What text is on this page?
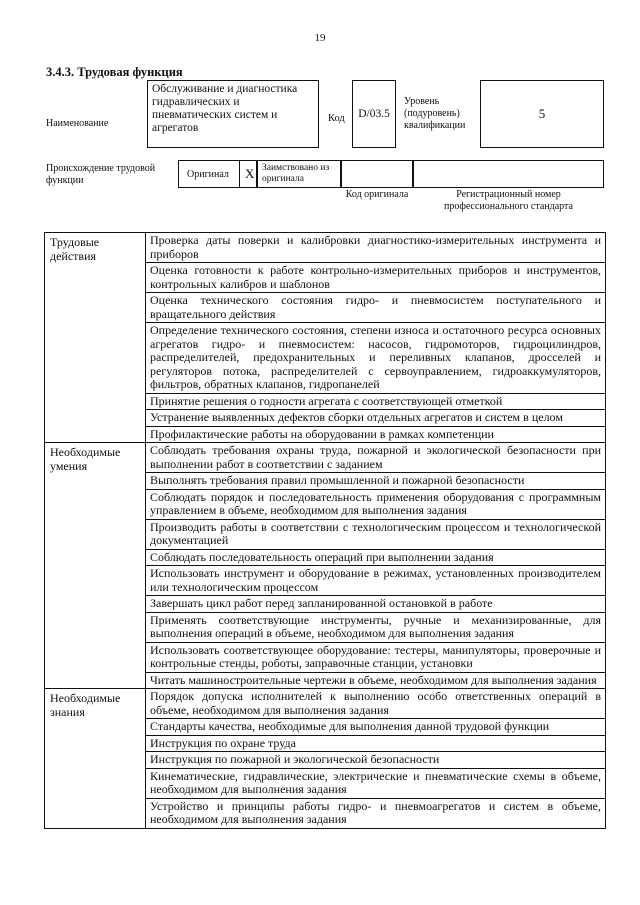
19
3.4.3. Трудовая функция
Наименование
Обслуживание и диагностика гидравлических и пневматических систем и агрегатов
Код	D/03.5
Уровень (подуровень) квалификации
5
Происхождение трудовой функции
Оригинал X Заимствовано из оригинала
Код оригинала	Регистрационный номер профессионального стандарта
Трудовые действия	Проверка даты поверки и калибровки диагностико-измерительных инструмента и приборов
	Оценка готовности к работе контрольно-измерительных приборов и инструментов, контрольных калибров и шаблонов
	Оценка технического состояния гидро- и пневмосистем поступательного и вращательного действия
	Определение технического состояния, степени износа и остаточного ресурса основных агрегатов гидро- и пневмосистем: насосов, гидромоторов, гидроцилиндров, распределителей, предохранительных и переливных клапанов, дросселей и регуляторов потока, распределителей с сервоуправлением, гидроаккумуляторов, фильтров, обратных клапанов, гидропанелей
	Принятие решения о годности агрегата с соответствующей отметкой
	Устранение выявленных дефектов сборки отдельных агрегатов и систем в целом
	Профилактические работы на оборудовании в рамках компетенции
Необходимые умения	Соблюдать требования охраны труда, пожарной и экологической безопасности при выполнении работ в соответствии с заданием
	Выполнять требования правил промышленной и пожарной безопасности
	Соблюдать порядок и последовательность применения оборудования с программным управлением в объеме, необходимом для выполнения задания
	Производить работы в соответствии с технологическим процессом и технологической документацией
	Соблюдать последовательность операций при выполнении задания
	Использовать инструмент и оборудование в режимах, установленных производителем или технологическим процессом
	Завершать цикл работ перед запланированной остановкой в работе
	Применять соответствующие инструменты, ручные и механизированные, для выполнения операций в объеме, необходимом для выполнения задания
	Использовать соответствующее оборудование: тестеры, манипуляторы, проверочные и контрольные стенды, роботы, заправочные станции, установки
	Читать машиностроительные чертежи в объеме, необходимом для выполнения задания
Необходимые знания	Порядок допуска исполнителей к выполнению особо ответственных операций в объеме, необходимом для выполнения задания
	Стандарты качества, необходимые для выполнения данной трудовой функции
	Инструкция по охране труда
	Инструкция по пожарной и экологической безопасности
	Кинематические, гидравлические, электрические и пневматические схемы в объеме, необходимом для выполнения задания
	Устройство и принципы работы гидро- и пневмоагрегатов и систем в объеме, необходимом для выполнения задания
